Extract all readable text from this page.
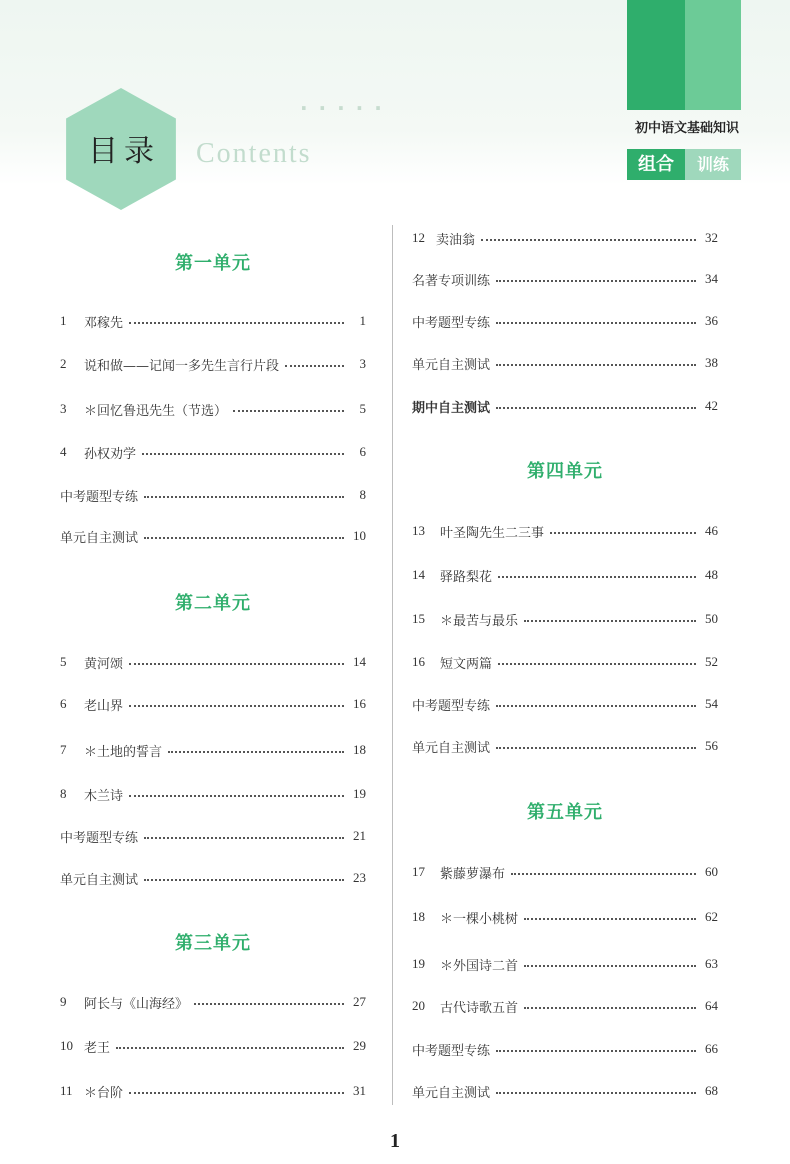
· · · · ·
目录 Contents
初中语文基础知识
组合	训练
第一单元
1	邓稼先	1
2	说和做——记闻一多先生言行片段	3
3	＊回忆鲁迅先生（节选）	5
4	孙权劝学	6
中考题型专练	8
单元自主测试	10
第二单元
5	黄河颂	14
6	老山界	16
7	＊土地的誓言	18
8	木兰诗	19
中考题型专练	21
单元自主测试	23
第三单元
9	阿长与《山海经》	27
10 老王	29
11 ＊台阶	31
12 卖油翁	32
名著专项训练	34
中考题型专练	36
单元自主测试	38
期中自主测试	42
第四单元
13	叶圣陶先生二三事	46
14	驿路梨花	48
15	＊最苦与最乐	50
16	短文两篇	52
中考题型专练	54
单元自主测试	56
第五单元
17	紫藤萝瀑布	60
18	＊一棵小桃树	62
19	＊外国诗二首	63
20	古代诗歌五首	64
中考题型专练	66
单元自主测试	68
1
